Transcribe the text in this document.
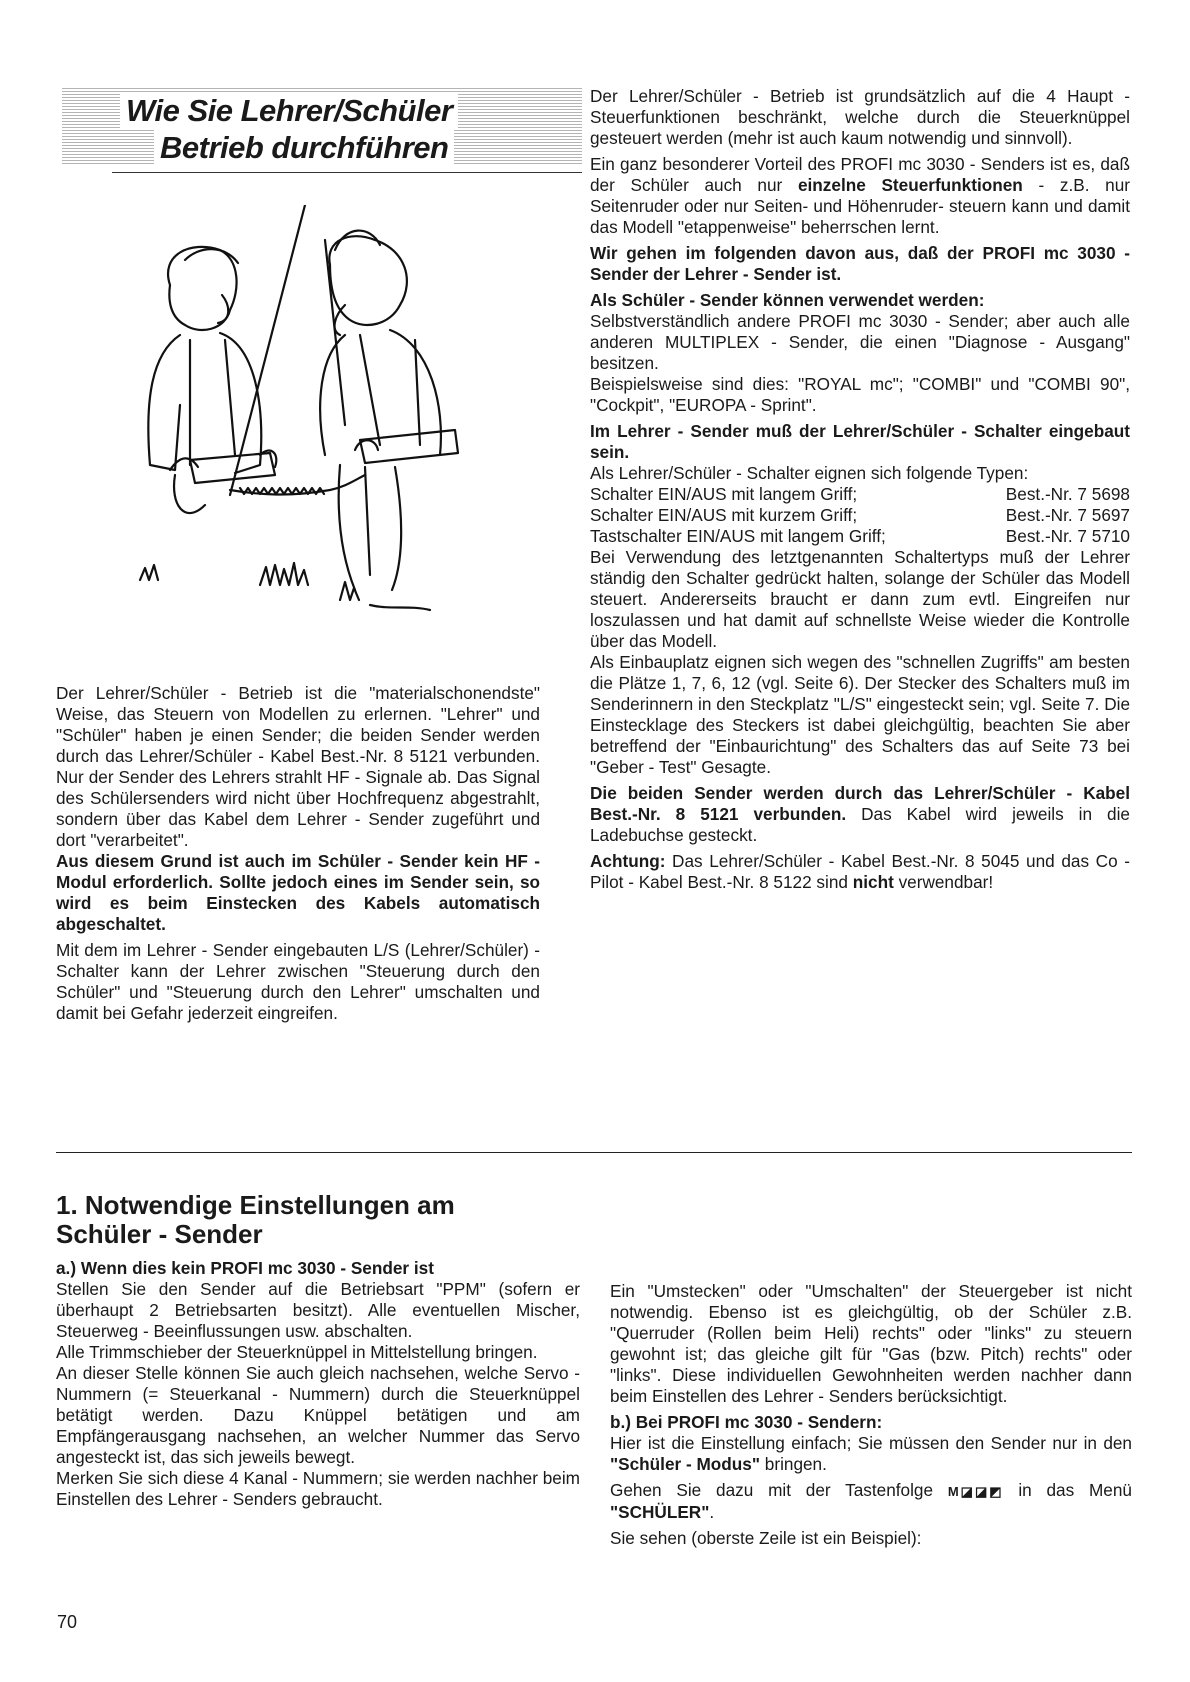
Wie Sie Lehrer/Schüler
Betrieb durchführen

Der Lehrer/Schüler - Betrieb ist die "materialschonendste" Weise, das Steuern von Modellen zu erlernen. "Lehrer" und "Schüler" haben je einen Sender; die beiden Sender werden durch das Lehrer/Schüler - Kabel Best.-Nr. 8 5121 verbunden. Nur der Sender des Lehrers strahlt HF - Signale ab. Das Signal des Schülersenders wird nicht über Hochfrequenz abgestrahlt, sondern über das Kabel dem Lehrer - Sender zugeführt und dort "verarbeitet".

Aus diesem Grund ist auch im Schüler - Sender kein HF - Modul erforderlich. Sollte jedoch eines im Sender sein, so wird es beim Einstecken des Kabels automatisch abgeschaltet.

Mit dem im Lehrer - Sender eingebauten L/S (Lehrer/Schüler) - Schalter kann der Lehrer zwischen "Steuerung durch den Schüler" und "Steuerung durch den Lehrer" umschalten und damit bei Gefahr jederzeit eingreifen.

Der Lehrer/Schüler - Betrieb ist grundsätzlich auf die 4 Haupt - Steuerfunktionen beschränkt, welche durch die Steuerknüppel gesteuert werden (mehr ist auch kaum notwendig und sinnvoll).

Ein ganz besonderer Vorteil des PROFI mc 3030 - Senders ist es, daß der Schüler auch nur einzelne Steuerfunktionen - z.B. nur Seitenruder oder nur Seiten- und Höhenruder- steuern kann und damit das Modell "etappenweise" beherrschen lernt.

Wir gehen im folgenden davon aus, daß der PROFI mc 3030 - Sender der Lehrer - Sender ist.

Als Schüler - Sender können verwendet werden:

Selbstverständlich andere PROFI mc 3030 - Sender; aber auch alle anderen MULTIPLEX - Sender, die einen "Diagnose - Ausgang" besitzen.

Beispielsweise sind dies: "ROYAL mc"; "COMBI" und "COMBI 90", "Cockpit", "EUROPA - Sprint".

Im Lehrer - Sender muß der Lehrer/Schüler - Schalter eingebaut sein.

Als Lehrer/Schüler - Schalter eignen sich folgende Typen:

Schalter EIN/AUS mit langem Griff;	Best.-Nr. 7 5698
Schalter EIN/AUS mit kurzem Griff;	Best.-Nr. 7 5697
Tastschalter EIN/AUS mit langem Griff;	Best.-Nr. 7 5710

Bei Verwendung des letztgenannten Schaltertyps muß der Lehrer ständig den Schalter gedrückt halten, solange der Schüler das Modell steuert. Andererseits braucht er dann zum evtl. Eingreifen nur loszulassen und hat damit auf schnellste Weise wieder die Kontrolle über das Modell.

Als Einbauplatz eignen sich wegen des "schnellen Zugriffs" am besten die Plätze 1, 7, 6, 12 (vgl. Seite 6). Der Stecker des Schalters muß im Senderinnern in den Steckplatz "L/S" eingesteckt sein; vgl. Seite 7. Die Einstecklage des Steckers ist dabei gleichgültig, beachten Sie aber betreffend der "Einbaurichtung" des Schalters das auf Seite 73 bei "Geber - Test" Gesagte.

Die beiden Sender werden durch das Lehrer/Schüler - Kabel Best.-Nr. 8 5121 verbunden. Das Kabel wird jeweils in die Ladebuchse gesteckt.

Achtung: Das Lehrer/Schüler - Kabel Best.-Nr. 8 5045 und das Co - Pilot - Kabel Best.-Nr. 8 5122 sind nicht verwendbar!

1. Notwendige Einstellungen am Schüler - Sender

a.) Wenn dies kein PROFI mc 3030 - Sender ist

Stellen Sie den Sender auf die Betriebsart "PPM" (sofern er überhaupt 2 Betriebsarten besitzt). Alle eventuellen Mischer, Steuerweg - Beeinflussungen usw. abschalten.

Alle Trimmschieber der Steuerknüppel in Mittelstellung bringen.

An dieser Stelle können Sie auch gleich nachsehen, welche Servo - Nummern (= Steuerkanal - Nummern) durch die Steuerknüppel betätigt werden. Dazu Knüppel betätigen und am Empfängerausgang nachsehen, an welcher Nummer das Servo angesteckt ist, das sich jeweils bewegt.

Merken Sie sich diese 4 Kanal - Nummern; sie werden nachher beim Einstellen des Lehrer - Senders gebraucht.

Ein "Umstecken" oder "Umschalten" der Steuergeber ist nicht notwendig. Ebenso ist es gleichgültig, ob der Schüler z.B. "Querruder (Rollen beim Heli) rechts" oder "links" zu steuern gewohnt ist; das gleiche gilt für "Gas (bzw. Pitch) rechts" oder "links". Diese individuellen Gewohnheiten werden nachher dann beim Einstellen des Lehrer - Senders berücksichtigt.

b.) Bei PROFI mc 3030 - Sendern:

Hier ist die Einstellung einfach; Sie müssen den Sender nur in den "Schüler - Modus" bringen.

Gehen Sie dazu mit der Tastenfolge M◪◪◩ in das Menü "SCHÜLER".

Sie sehen (oberste Zeile ist ein Beispiel):

70
